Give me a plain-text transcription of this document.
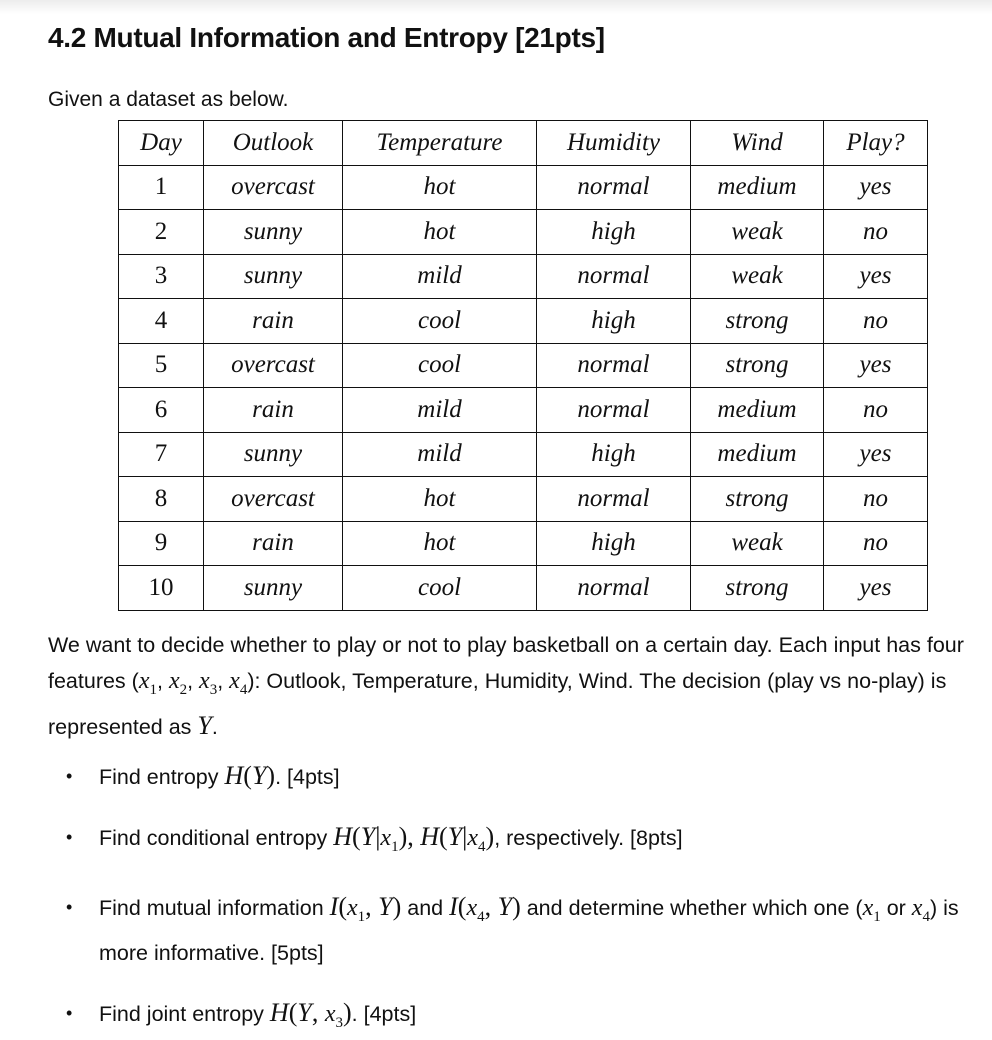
4.2 Mutual Information and Entropy [21pts]

Given a dataset as below.

Day	Outlook	Temperature	Humidity	Wind	Play?
1	overcast	hot	normal	medium	yes
2	sunny	hot	high	weak	no
3	sunny	mild	normal	weak	yes
4	rain	cool	high	strong	no
5	overcast	cool	normal	strong	yes
6	rain	mild	normal	medium	no
7	sunny	mild	high	medium	yes
8	overcast	hot	normal	strong	no
9	rain	hot	high	weak	no
10	sunny	cool	normal	strong	yes

We want to decide whether to play or not to play basketball on a certain day. Each input has four features ($x_1$, $x_2$, $x_3$, $x_4$): Outlook, Temperature, Humidity, Wind. The decision (play vs no-play) is represented as Y.

• Find entropy H(Y). [4pts]
• Find conditional entropy $H(Y|x_1)$, $H(Y|x_4)$, respectively. [8pts]
• Find mutual information $I(x_1$, Y) and $I(x_4$, Y) and determine whether which one ($x_1$ or $x_4$) is more informative. [5pts]
• Find joint entropy H(Y, $x_3$). [4pts]
